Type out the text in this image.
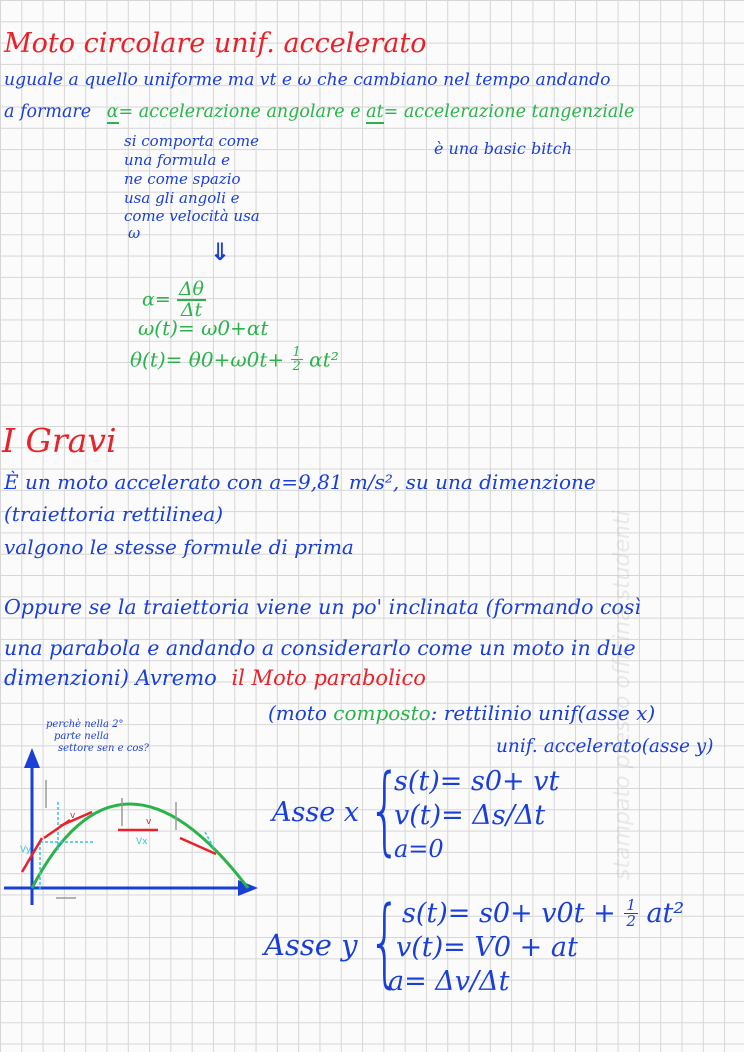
Moto circolare unif. accelerato
uguale a quello uniforme ma vt e ω che cambiano nel tempo andando
a formare α= accelerazione angolare e at= accelerazione tangenziale
si comporta come
una formula e
ne come spazio
usa gli angoli e
come velocità usa
ω
è una basic bitch
⇓
$\alpha= \frac{\Delta\theta}{\Delta t}$
ω(t)= ω0+αt
$\theta(t)= \theta 0+\omega 0t+ \frac{1}{2} \alpha t^2$
I Gravi
È un moto accelerato con a=9,81 m/s², su una dimenzione
(traiettoria rettilinea)
valgono le stesse formule di prima
Oppure se la traiettoria viene un po' inclinata (formando così
una parabola e andando a considerarlo come un moto in due
dimenzioni) Avremo il Moto parabolico
(moto composto: rettilinio unif(asse x)
unif. accelerato(asse y)
perchè nella 2°
parte nella
settore sen e cos?
Vy
Vx
v
v	Asse x {
s(t)= s0+ vt
v(t)= Δs/Δt
a=0
Asse y { $s(t)= s0+ v0t + \frac{1}{2} at^2$
v(t)= V0 + at
a= Δv/Δt
stampato presso officina studenti
